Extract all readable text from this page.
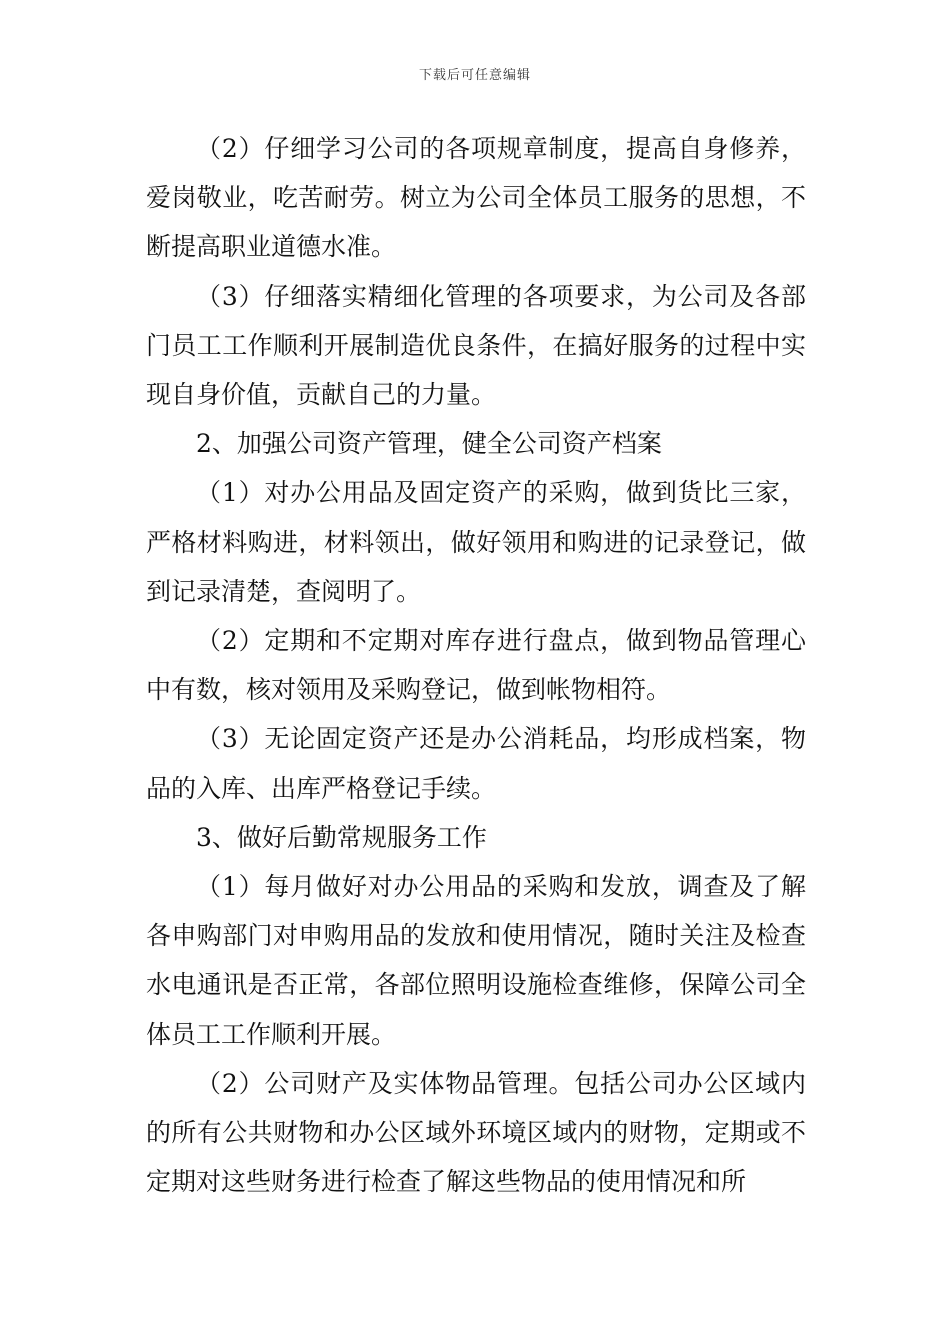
下载后可任意编辑

（2）仔细学习公司的各项规章制度，提高自身修养，爱岗敬业，吃苦耐劳。树立为公司全体员工服务的思想，不断提高职业道德水准。

（3）仔细落实精细化管理的各项要求，为公司及各部门员工工作顺利开展制造优良条件，在搞好服务的过程中实现自身价值，贡献自己的力量。

2、加强公司资产管理，健全公司资产档案

（1）对办公用品及固定资产的采购，做到货比三家，严格材料购进，材料领出，做好领用和购进的记录登记，做到记录清楚，查阅明了。

（2）定期和不定期对库存进行盘点，做到物品管理心中有数，核对领用及采购登记，做到帐物相符。

（3）无论固定资产还是办公消耗品，均形成档案，物品的入库、出库严格登记手续。

3、做好后勤常规服务工作

（1）每月做好对办公用品的采购和发放，调查及了解各申购部门对申购用品的发放和使用情况，随时关注及检查水电通讯是否正常，各部位照明设施检查维修，保障公司全体员工工作顺利开展。

（2）公司财产及实体物品管理。包括公司办公区域内的所有公共财物和办公区域外环境区域内的财物，定期或不定期对这些财务进行检查了解这些物品的使用情况和所
